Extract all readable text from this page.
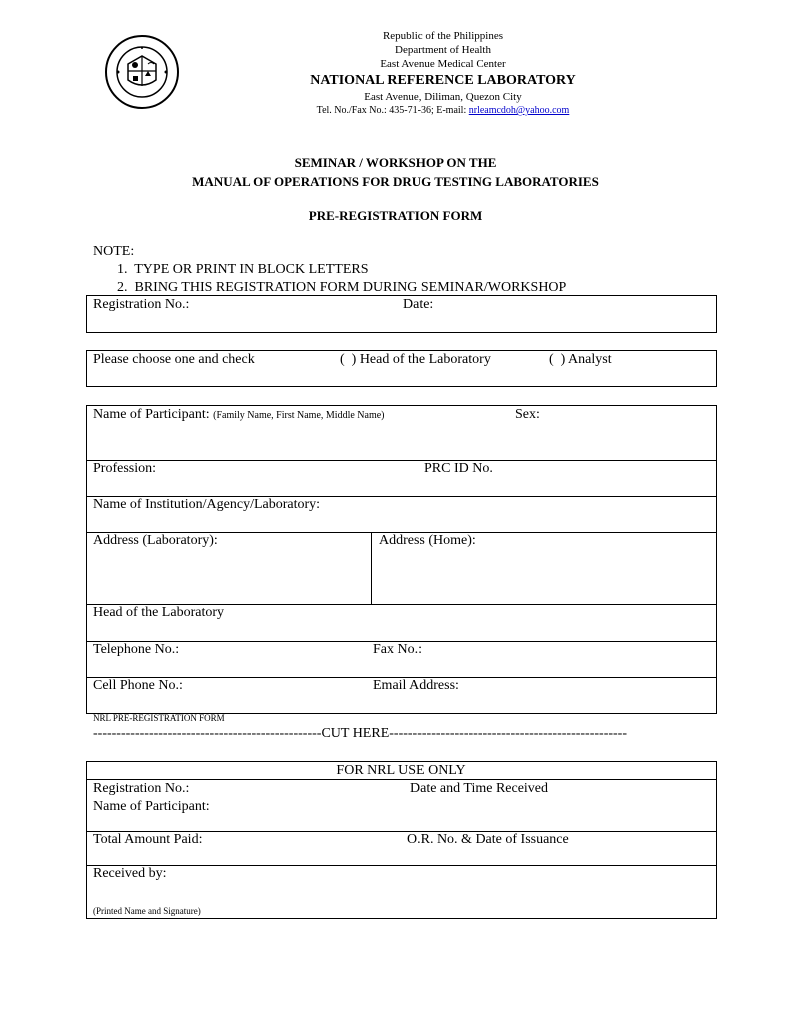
Republic of the Philippines
Department of Health
East Avenue Medical Center
NATIONAL REFERENCE LABORATORY
East Avenue, Diliman, Quezon City
Tel. No./Fax No.: 435-71-36; E-mail: nrleamcdoh@yahoo.com
SEMINAR / WORKSHOP ON THE
MANUAL OF OPERATIONS FOR DRUG TESTING LABORATORIES
PRE-REGISTRATION FORM
NOTE:
1.  TYPE OR PRINT IN BLOCK LETTERS
2.  BRING THIS REGISTRATION FORM DURING SEMINAR/WORKSHOP
Registration No.:	Date:
Please choose one and check	(  ) Head of the Laboratory	(  ) Analyst
Name of Participant: (Family Name, First Name, Middle Name)	Sex:
Profession:	PRC ID No.
Name of Institution/Agency/Laboratory:
Address (Laboratory):	Address (Home):
Head of the Laboratory
Telephone No.:	Fax No.:
Cell Phone No.:	Email Address:
NRL PRE-REGISTRATION FORM
-------------------------------------------------CUT HERE---------------------------------------------------
FOR NRL USE ONLY
Registration No.:	Date and Time Received
Name of Participant:
Total Amount Paid:	O.R. No. & Date of Issuance
Received by:
(Printed Name and Signature)
